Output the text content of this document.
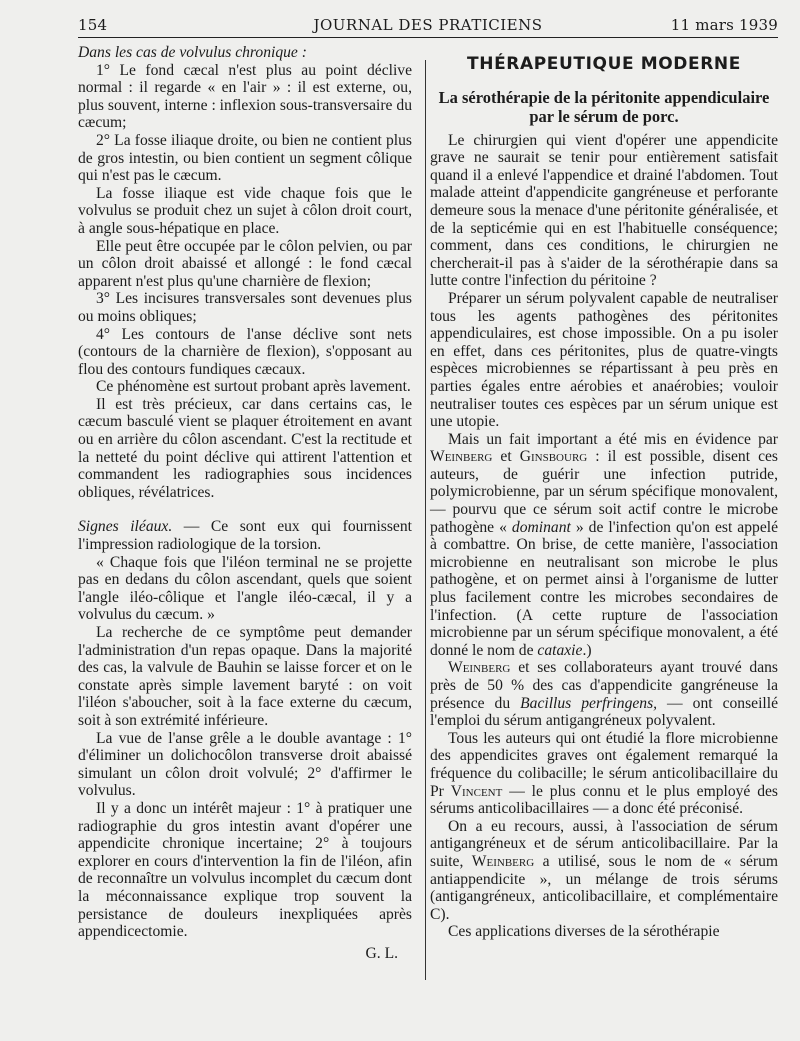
154	JOURNAL DES PRATICIENS	11 mars 1939

Dans les cas de volvulus chronique :

1° Le fond cæcal n'est plus au point déclive normal : il regarde « en l'air » : il est externe, ou, plus souvent, interne : inflexion sous-transversaire du cæcum;

2° La fosse iliaque droite, ou bien ne contient plus de gros intestin, ou bien contient un segment côlique qui n'est pas le cæcum.

La fosse iliaque est vide chaque fois que le volvulus se produit chez un sujet à côlon droit court, à angle sous-hépatique en place.

Elle peut être occupée par le côlon pelvien, ou par un côlon droit abaissé et allongé : le fond cæcal apparent n'est plus qu'une charnière de flexion;

3° Les incisures transversales sont devenues plus ou moins obliques;

4° Les contours de l'anse déclive sont nets (contours de la charnière de flexion), s'opposant au flou des contours fundiques cæcaux.

Ce phénomène est surtout probant après lavement.

Il est très précieux, car dans certains cas, le cæcum basculé vient se plaquer étroitement en avant ou en arrière du côlon ascendant. C'est la rectitude et la netteté du point déclive qui attirent l'attention et commandent les radiographies sous incidences obliques, révélatrices.

Signes iléaux. — Ce sont eux qui fournissent l'impression radiologique de la torsion.

« Chaque fois que l'iléon terminal ne se projette pas en dedans du côlon ascendant, quels que soient l'angle iléo-côlique et l'angle iléo-cæcal, il y a volvulus du cæcum. »

La recherche de ce symptôme peut demander l'administration d'un repas opaque. Dans la majorité des cas, la valvule de Bauhin se laisse forcer et on le constate après simple lavement baryté : on voit l'iléon s'aboucher, soit à la face externe du cæcum, soit à son extrémité inférieure.

La vue de l'anse grêle a le double avantage : 1° d'éliminer un dolichocôlon transverse droit abaissé simulant un côlon droit volvulé; 2° d'affirmer le volvulus.

Il y a donc un intérêt majeur : 1° à pratiquer une radiographie du gros intestin avant d'opérer une appendicite chronique incertaine; 2° à toujours explorer en cours d'intervention la fin de l'iléon, afin de reconnaître un volvulus incomplet du cæcum dont la méconnaissance explique trop souvent la persistance de douleurs inexpliquées après appendicectomie.

G. L.
THÉRAPEUTIQUE MODERNE
La sérothérapie de la péritonite appendiculaire par le sérum de porc.

Le chirurgien qui vient d'opérer une appendicite grave ne saurait se tenir pour entièrement satisfait quand il a enlevé l'appendice et drainé l'abdomen. Tout malade atteint d'appendicite gangréneuse et perforante demeure sous la menace d'une péritonite généralisée, et de la septicémie qui en est l'habituelle conséquence; comment, dans ces conditions, le chirurgien ne chercherait-il pas à s'aider de la sérothérapie dans sa lutte contre l'infection du péritoine ?

Préparer un sérum polyvalent capable de neutraliser tous les agents pathogènes des péritonites appendiculaires, est chose impossible. On a pu isoler en effet, dans ces péritonites, plus de quatre-vingts espèces microbiennes se répartissant à peu près en parties égales entre aérobies et anaérobies; vouloir neutraliser toutes ces espèces par un sérum unique est une utopie.

Mais un fait important a été mis en évidence par Weinberg et Ginsbourg : il est possible, disent ces auteurs, de guérir une infection putride, polymicrobienne, par un sérum spécifique monovalent, — pourvu que ce sérum soit actif contre le microbe pathogène « dominant » de l'infection qu'on est appelé à combattre. On brise, de cette manière, l'association microbienne en neutralisant son microbe le plus pathogène, et on permet ainsi à l'organisme de lutter plus facilement contre les microbes secondaires de l'infection. (A cette rupture de l'association microbienne par un sérum spécifique monovalent, a été donné le nom de cataxie.)

Weinberg et ses collaborateurs ayant trouvé dans près de 50 % des cas d'appendicite gangréneuse la présence du Bacillus perfringens, — ont conseillé l'emploi du sérum antigangréneux polyvalent.

Tous les auteurs qui ont étudié la flore microbienne des appendicites graves ont également remarqué la fréquence du colibacille; le sérum anticolibacillaire du Pr Vincent — le plus connu et le plus employé des sérums anticolibacillaires — a donc été préconisé.

On a eu recours, aussi, à l'association de sérum antigangréneux et de sérum anticolibacillaire. Par la suite, Weinberg a utilisé, sous le nom de « sérum antiappendicite », un mélange de trois sérums (antigangréneux, anticolibacillaire, et complémentaire C).

Ces applications diverses de la sérothérapie
